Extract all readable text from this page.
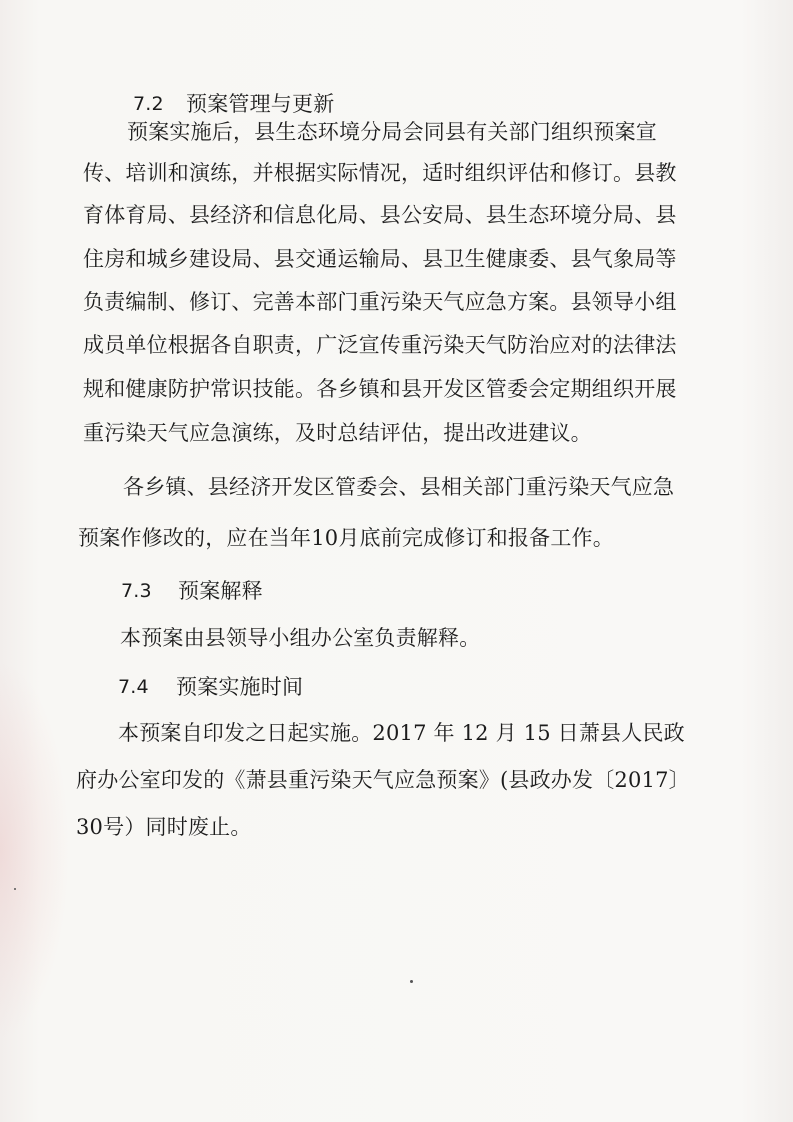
7.2 预案管理与更新
预案实施后，县生态环境分局会同县有关部门组织预案宣
传、培训和演练，并根据实际情况，适时组织评估和修订。县教
育体育局、县经济和信息化局、县公安局、县生态环境分局、县
住房和城乡建设局、县交通运输局、县卫生健康委、县气象局等
负责编制、修订、完善本部门重污染天气应急方案。县领导小组
成员单位根据各自职责，广泛宣传重污染天气防治应对的法律法
规和健康防护常识技能。各乡镇和县开发区管委会定期组织开展
重污染天气应急演练，及时总结评估，提出改进建议。
各乡镇、县经济开发区管委会、县相关部门重污染天气应急
预案作修改的，应在当年10月底前完成修订和报备工作。
7.3 预案解释
本预案由县领导小组办公室负责解释。
7.4 预案实施时间
本预案自印发之日起实施。2017 年 12 月 15 日萧县人民政
府办公室印发的《萧县重污染天气应急预案》(县政办发〔2017〕
30号）同时废止。
